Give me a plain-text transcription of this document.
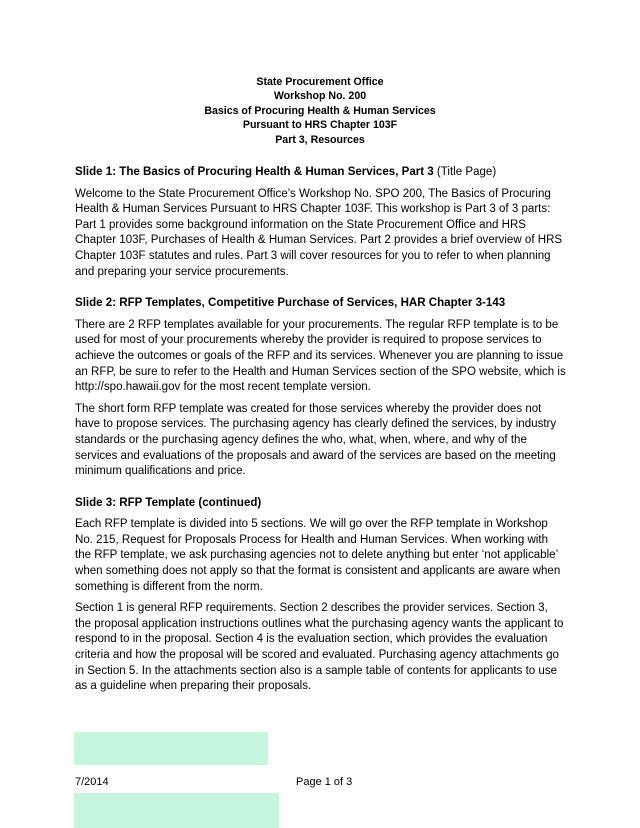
State Procurement Office
Workshop No. 200
Basics of Procuring Health & Human Services
Pursuant to HRS Chapter 103F
Part 3, Resources
Slide 1: The Basics of Procuring Health & Human Services, Part 3 (Title Page)

Welcome to the State Procurement Office’s Workshop No. SPO 200, The Basics of Procuring Health & Human Services Pursuant to HRS Chapter 103F. This workshop is Part 3 of 3 parts: Part 1 provides some background information on the State Procurement Office and HRS Chapter 103F, Purchases of Health & Human Services. Part 2 provides a brief overview of HRS Chapter 103F statutes and rules. Part 3 will cover resources for you to refer to when planning and preparing your service procurements.

Slide 2: RFP Templates, Competitive Purchase of Services, HAR Chapter 3-143

There are 2 RFP templates available for your procurements. The regular RFP template is to be used for most of your procurements whereby the provider is required to propose services to achieve the outcomes or goals of the RFP and its services. Whenever you are planning to issue an RFP, be sure to refer to the Health and Human Services section of the SPO website, which is http://spo.hawaii.gov for the most recent template version.

The short form RFP template was created for those services whereby the provider does not have to propose services. The purchasing agency has clearly defined the services, by industry standards or the purchasing agency defines the who, what, when, where, and why of the services and evaluations of the proposals and award of the services are based on the meeting minimum qualifications and price.

Slide 3: RFP Template (continued)

Each RFP template is divided into 5 sections. We will go over the RFP template in Workshop No. 215, Request for Proposals Process for Health and Human Services. When working with the RFP template, we ask purchasing agencies not to delete anything but enter ‘not applicable’ when something does not apply so that the format is consistent and applicants are aware when something is different from the norm.

Section 1 is general RFP requirements. Section 2 describes the provider services. Section 3, the proposal application instructions outlines what the purchasing agency wants the applicant to respond to in the proposal. Section 4 is the evaluation section, which provides the evaluation criteria and how the proposal will be scored and evaluated. Purchasing agency attachments go in Section 5. In the attachments section also is a sample table of contents for applicants to use as a guideline when preparing their proposals.

7/2014	Page 1 of 3
